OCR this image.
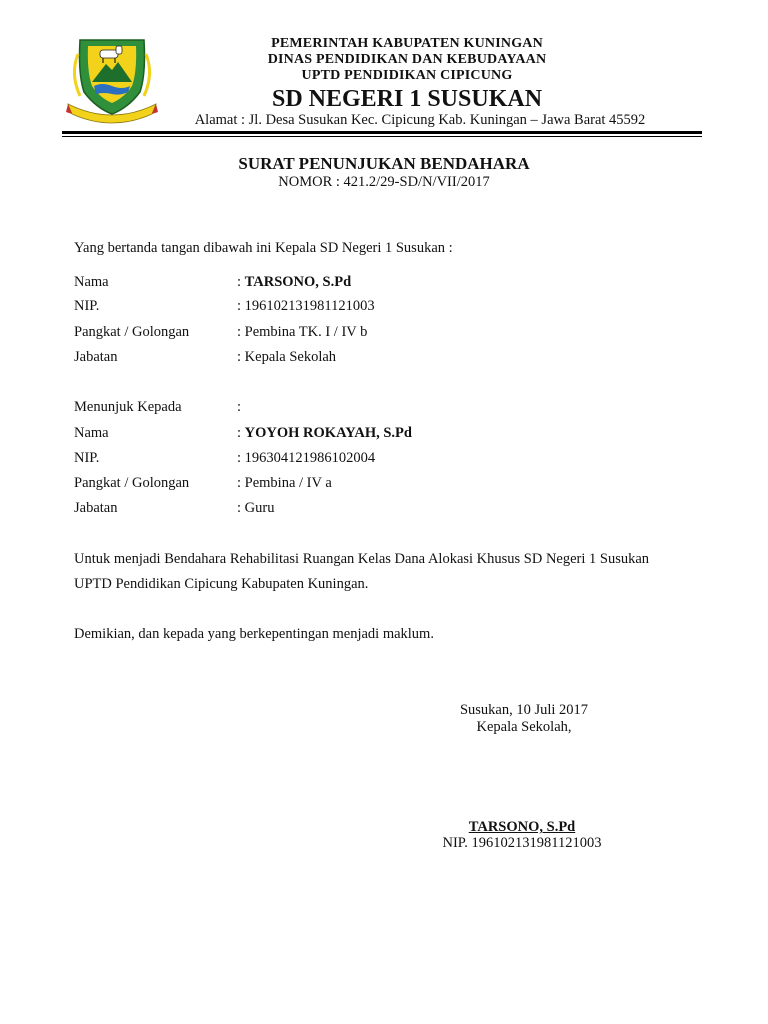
PEMERINTAH KABUPATEN KUNINGAN
DINAS PENDIDIKAN DAN KEBUDAYAAN
UPTD PENDIDIKAN CIPICUNG
SD NEGERI 1 SUSUKAN
Alamat : Jl. Desa Susukan Kec. Cipicung Kab. Kuningan – Jawa Barat 45592
SURAT PENUNJUKAN BENDAHARA
NOMOR : 421.2/29-SD/N/VII/2017
Yang bertanda tangan dibawah ini Kepala SD Negeri 1 Susukan :
Nama	: TARSONO, S.Pd
NIP.	: 196102131981121003
Pangkat / Golongan	: Pembina TK. I / IV b
Jabatan	: Kepala Sekolah
Menunjuk Kepada	:
Nama	: YOYOH ROKAYAH, S.Pd
NIP.	: 196304121986102004
Pangkat / Golongan	: Pembina / IV a
Jabatan	: Guru
Untuk menjadi Bendahara Rehabilitasi Ruangan Kelas Dana Alokasi Khusus SD Negeri 1 Susukan
UPTD Pendidikan Cipicung Kabupaten Kuningan.
Demikian, dan kepada yang berkepentingan menjadi maklum.
Susukan, 10 Juli 2017
Kepala Sekolah,
TARSONO, S.Pd
NIP. 196102131981121003
